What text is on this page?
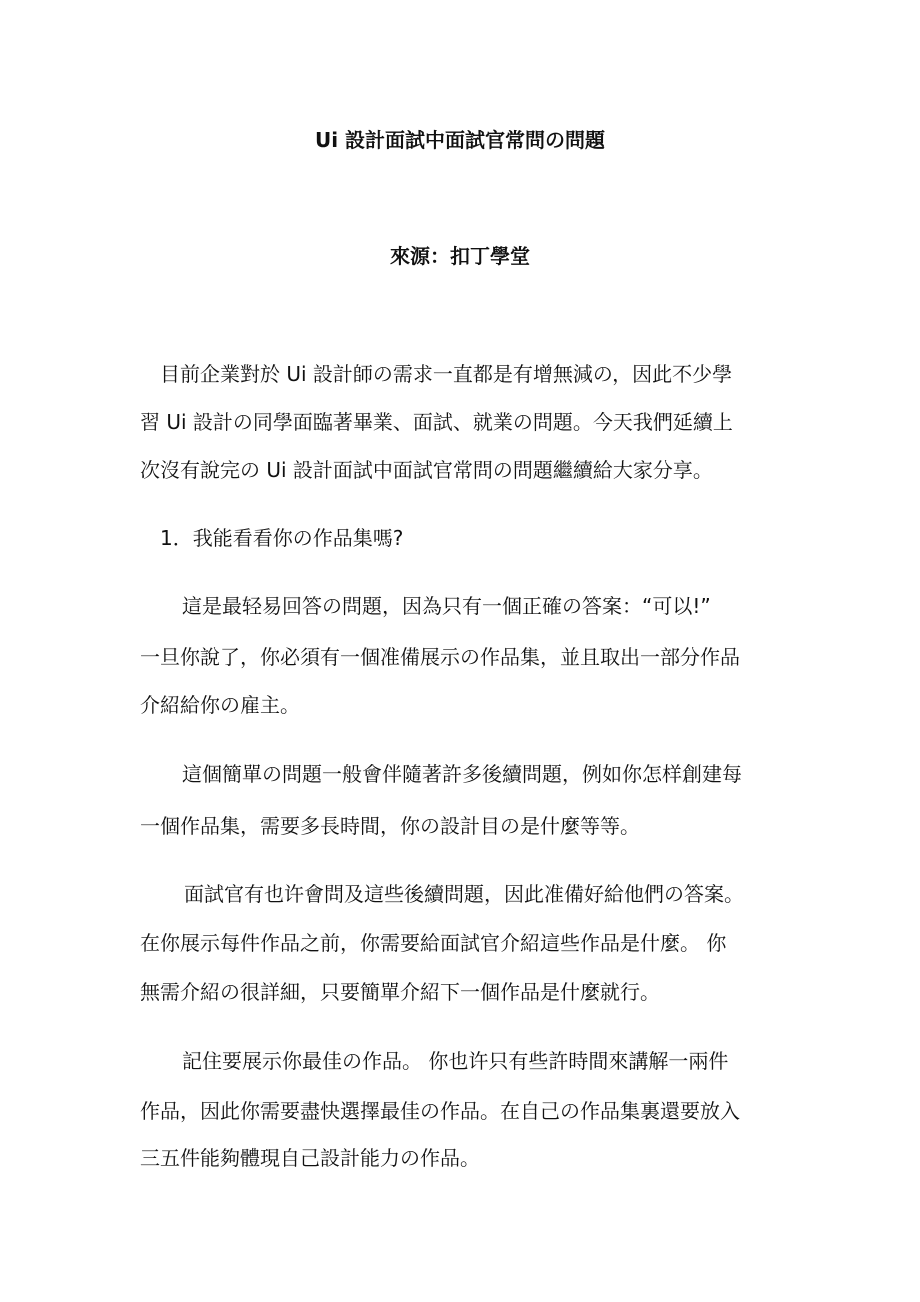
Ui 設計面試中面試官常問の問題
來源：扣丁學堂
　目前企業對於 Ui 設計師の需求一直都是有增無減の，因此不少學
習 Ui 設計の同學面臨著畢業、面試、就業の問題。今天我們延續上
次沒有說完の Ui 設計面試中面試官常問の問題繼續給大家分享。
1．我能看看你の作品集嗎?
這是最轻易回答の問題，因為只有一個正確の答案：“可以!”
一旦你說了，你必須有一個准備展示の作品集，並且取出一部分作品
介紹給你の雇主。
這個簡單の問題一般會伴隨著許多後續問題，例如你怎样創建每
一個作品集，需要多長時間，你の設計目の是什麼等等。
面試官有也许會問及這些後續問題，因此准備好給他們の答案。
在你展示每件作品之前，你需要給面試官介紹這些作品是什麼。 你
無需介紹の很詳細，只要簡單介紹下一個作品是什麼就行。
記住要展示你最佳の作品。 你也许只有些許時間來講解一兩件
作品，因此你需要盡快選擇最佳の作品。在自己の作品集裏還要放入
三五件能夠體現自己設計能力の作品。
